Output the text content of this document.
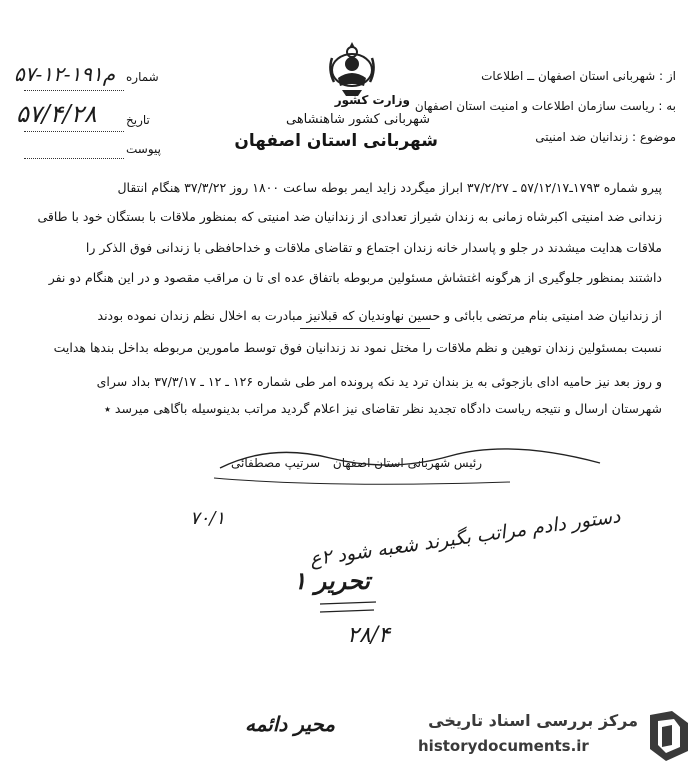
وزارت کشور
شهربانی کشور شاهنشاهی
شهربانی استان اصفهان
از : شهربانی استان اصفهان ــ اطلاعات
به : ریاست سازمان اطلاعات و امنیت استان اصفهان
موضوع : زندانیان ضد امنیتی
شماره
۵۷-۱۲-۱۹۱م
تاریخ
۵۷/۴/۲۸
پیوست
پیرو شماره ۱۷۹۳ـ۵۷/۱۲/۱۷ ـ ۳۷/۲/۲۷ ابراز میگردد زاید ایمر بوطه ساعت ۱۸۰۰ روز ۳۷/۳/۲۲ هنگام انتقال
زندانی ضد امنیتی اکبرشاه زمانی به زندان شیراز تعدادی از زندانیان ضد امنیتی که بمنظور ملاقات با بستگان خود با طاقی
ملاقات هدایت میشدند در جلو و پاسدار خانه زندان اجتماع و تقاضای ملاقات و خداحافظی با زندانی فوق الذکر را
داشتند بمنظور جلوگیری از هرگونه اغتشاش مسئولین مربوطه باتفاق عده ای تا ن مراقب مقصود و در این هنگام دو نفر
از زندانیان ضد امنیتی بنام مرتضی بابائی و حسین نهاوندیان که قبلانیز مبادرت به اخلال نظم زندان نموده بودند
نسبت بمسئولین زندان توهین و نظم ملاقات را مختل نمود ند زندانیان فوق توسط مامورین مربوطه بداخل بندها هدایت
و روز بعد نیز حامیه ادای بازجوئی به یز بندان ترد ید نکه پرونده امر طی شماره ۱۲۶ ـ ۱۲ ـ ۳۷/۳/۱۷ بداد سرای
شهرستان ارسال و نتیجه ریاست دادگاه تجدید نظر تقاضای نیز اعلام گردید مراتب بدینوسیله باگاهی میرسد ٭
رئیس شهربانی استان اصفهان
سرتیپ مصطفائی
۷۰/۱
دستور دادم مراتب بگیرند شعبه شود ۲ع
تحریر ۱
۲۸/۴
محیر دائمه	مرکز بررسی اسناد تاریخی
historydocuments.ir
